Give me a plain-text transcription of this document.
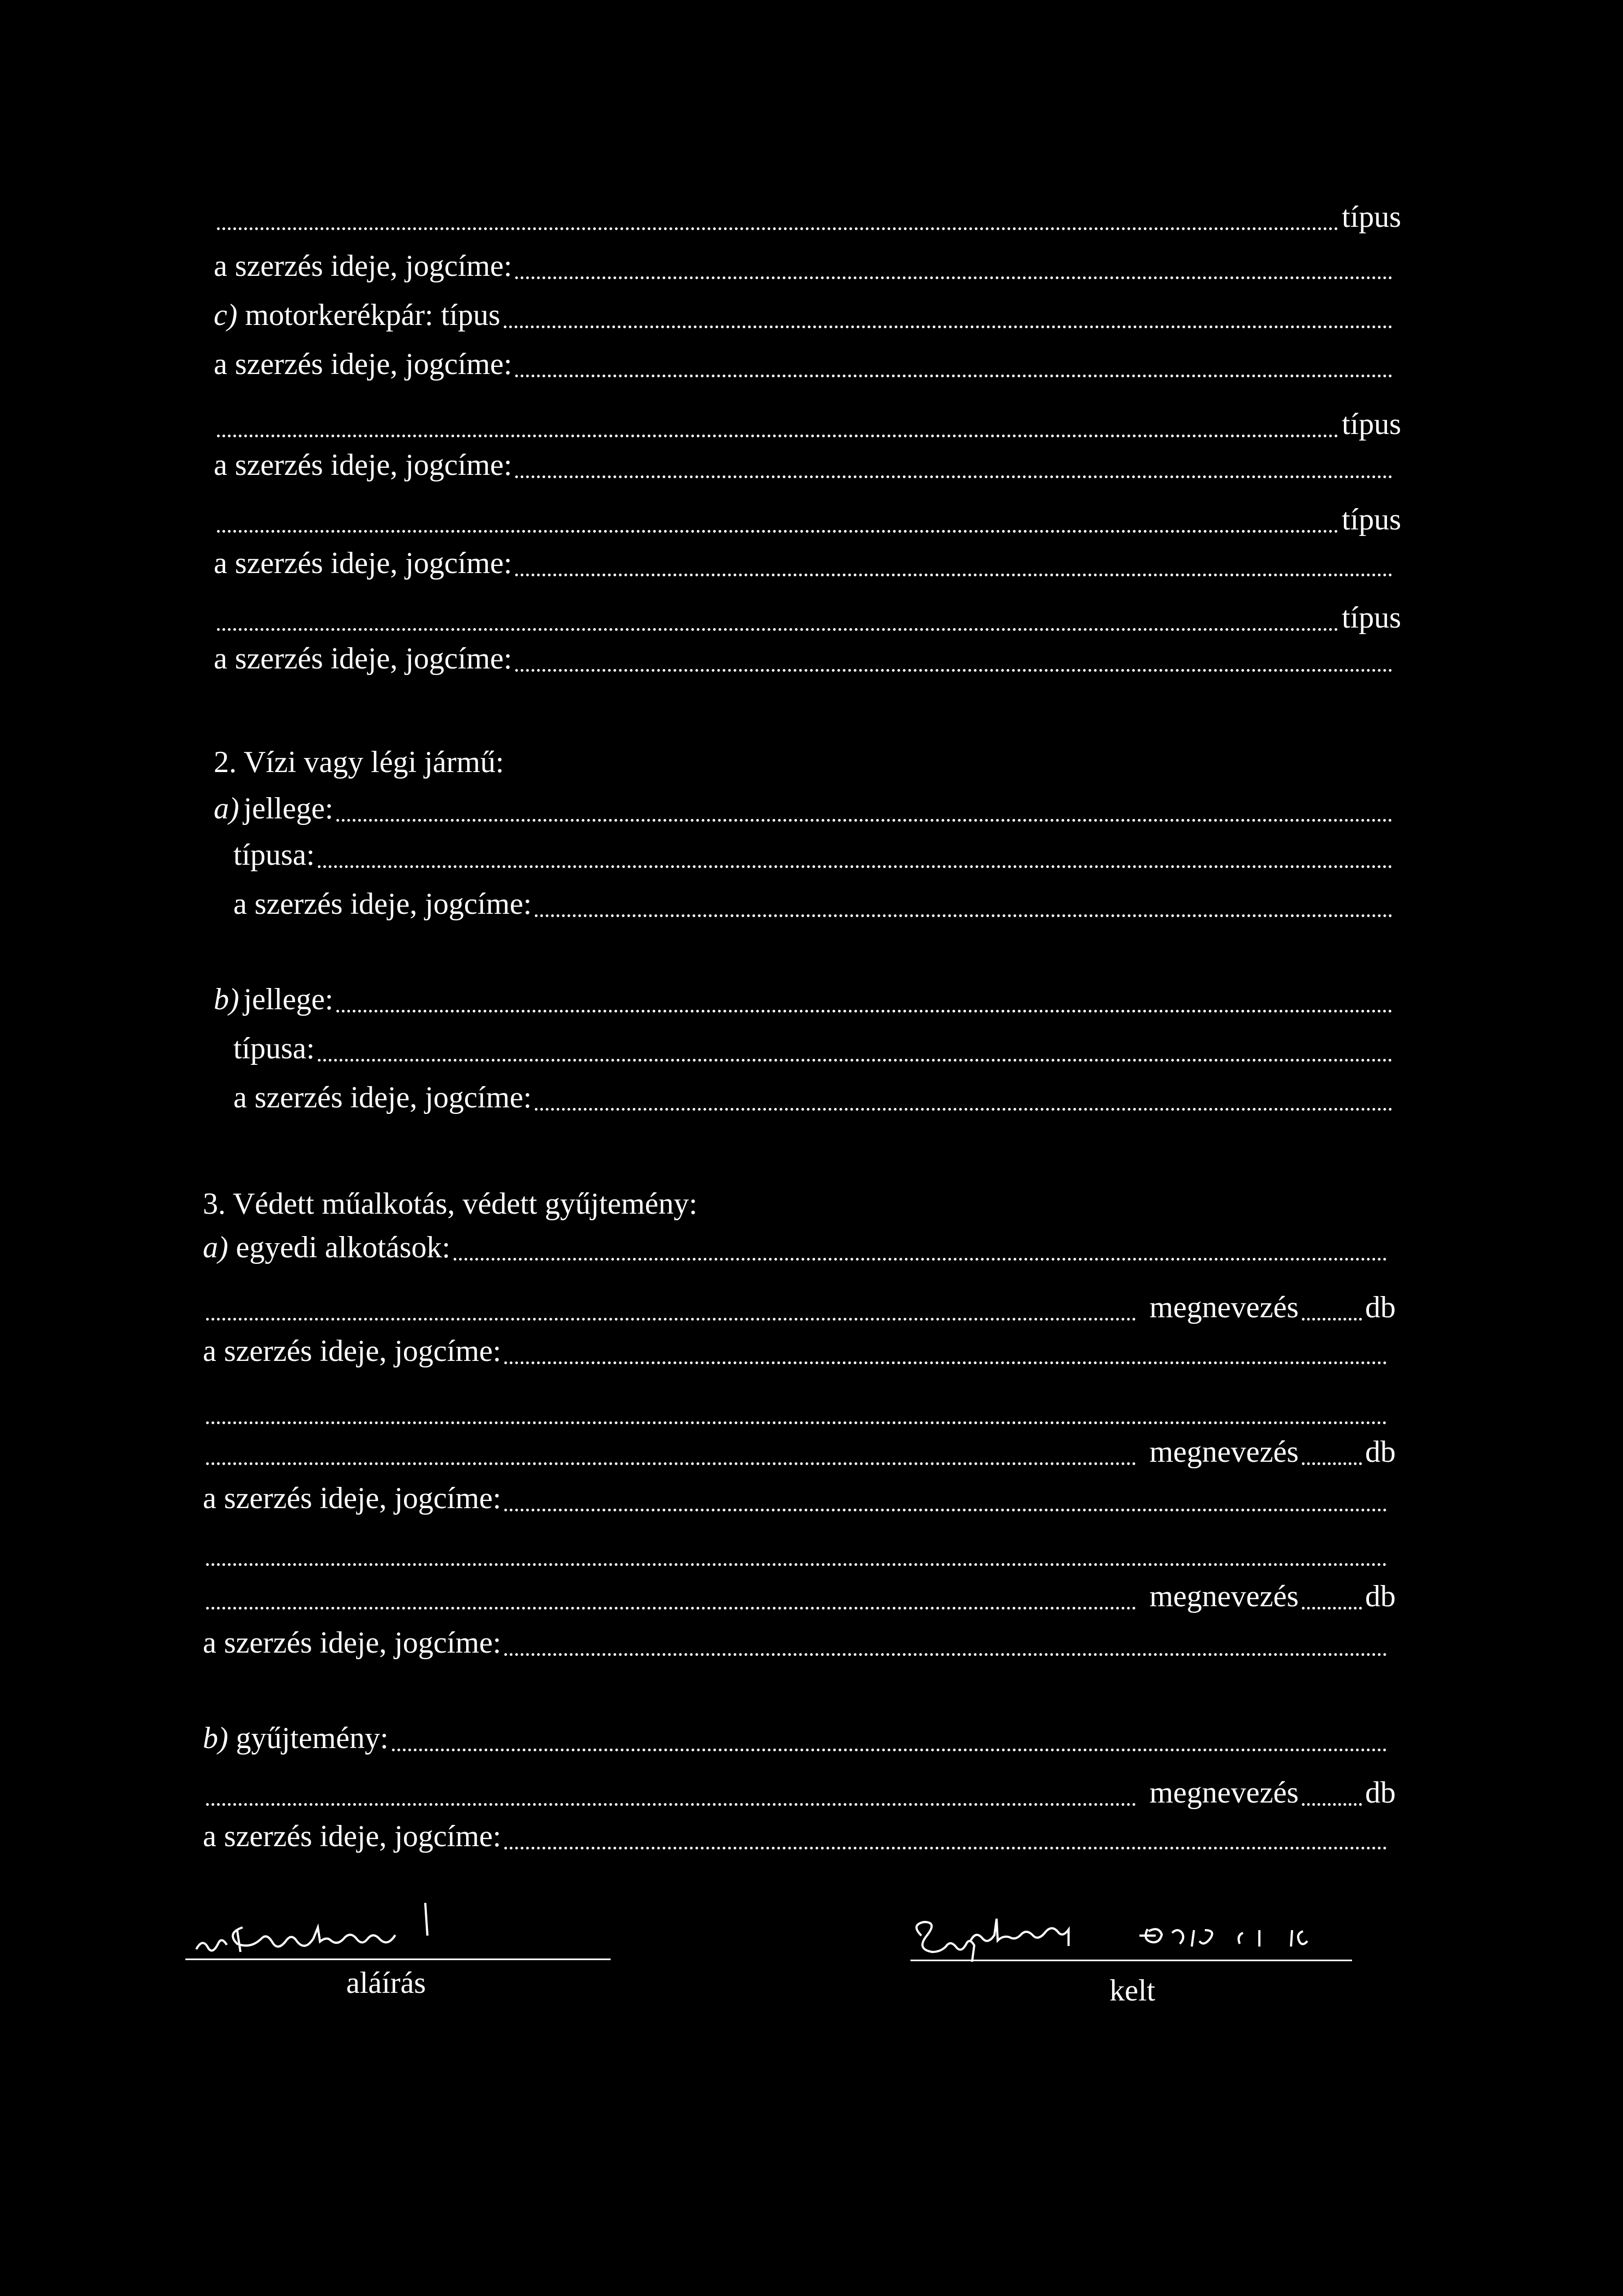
típus
a szerzés ideje, jogcíme:
c) motorkerékpár: típus
a szerzés ideje, jogcíme:
típus
a szerzés ideje, jogcíme:
típus
a szerzés ideje, jogcíme:
típus
a szerzés ideje, jogcíme:
2. Vízi vagy légi jármű:
a) jellege:
típusa:
a szerzés ideje, jogcíme:
b) jellege:
típusa:
a szerzés ideje, jogcíme:
3. Védett műalkotás, védett gyűjtemény:
a) egyedi alkotások:
megnevezés db
a szerzés ideje, jogcíme:
megnevezés db
a szerzés ideje, jogcíme:
megnevezés db
a szerzés ideje, jogcíme:
b) gyűjtemény:
megnevezés db
a szerzés ideje, jogcíme:
aláírás	kelt
